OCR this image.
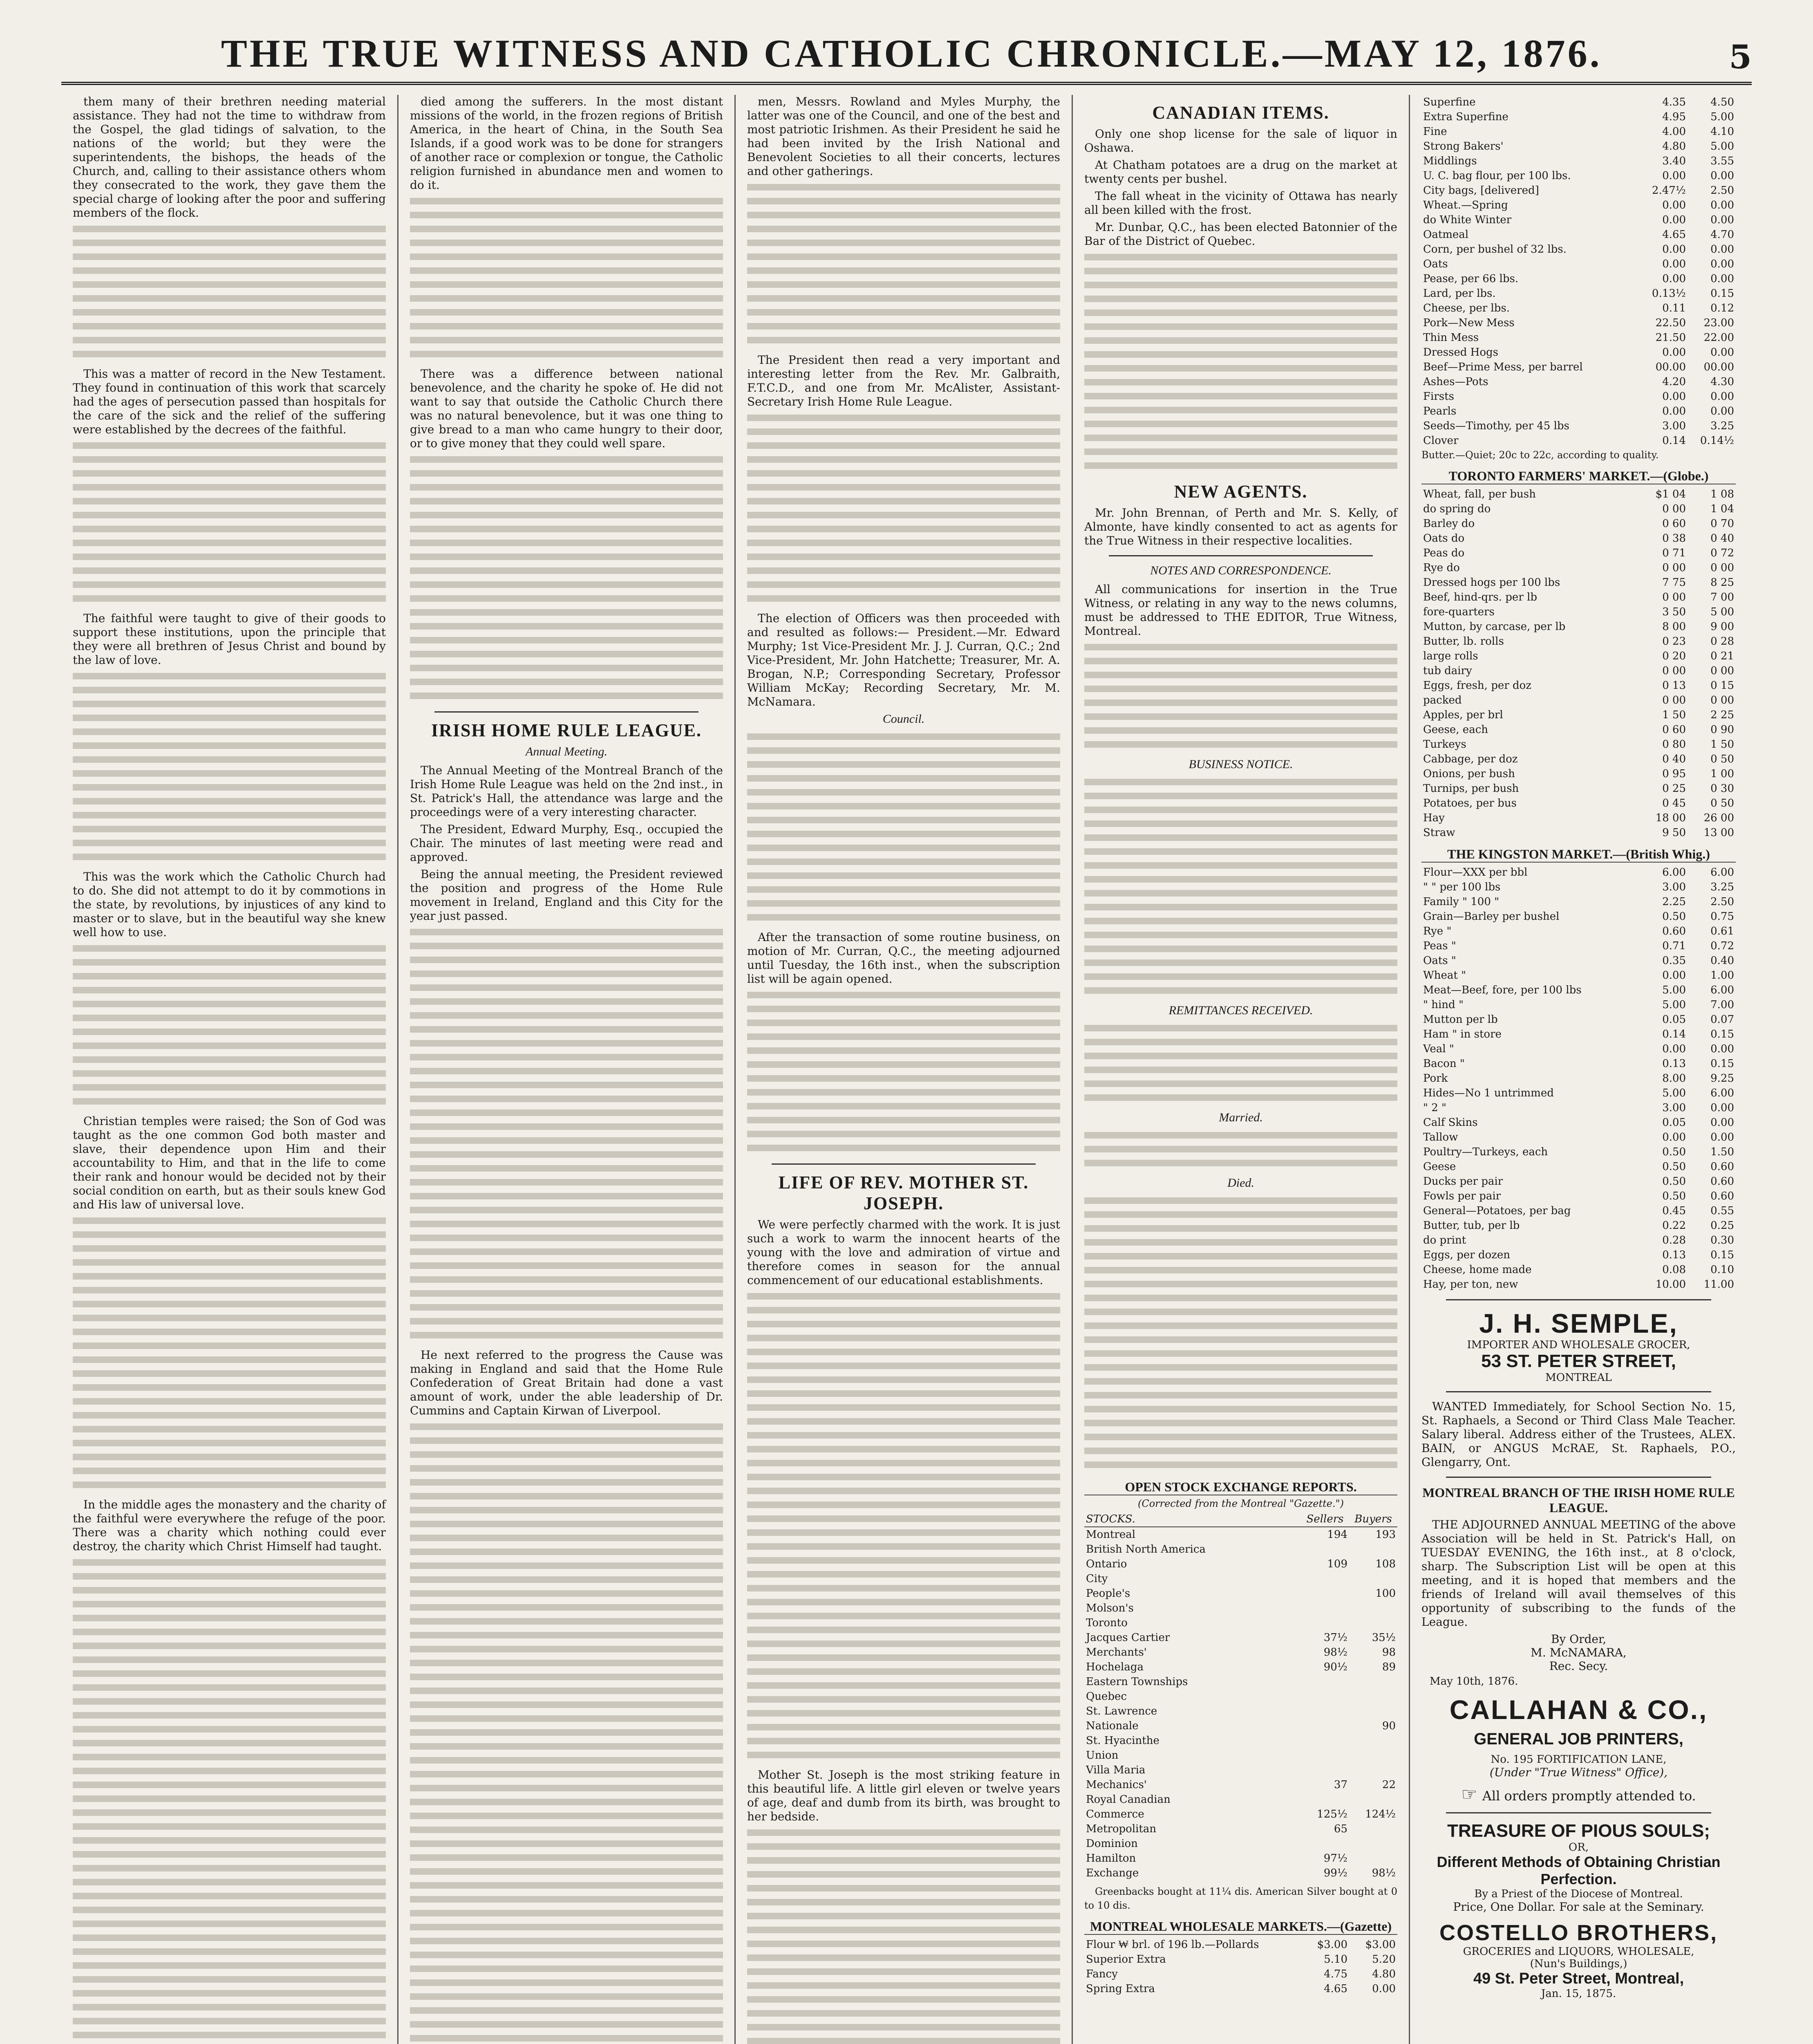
THE TRUE WITNESS AND CATHOLIC CHRONICLE.—MAY 12, 1876.	5

them many of their brethren needing material assistance. They had not the time to withdraw from the Gospel, the glad tidings of salvation, to the nations of the world; but they were the superintendents, the bishops, the heads of the Church, and, calling to their assistance others whom they consecrated to the work, they gave them the special charge of looking after the poor and suffering members of the flock.

This was a matter of record in the New Testament. They found in continuation of this work that scarcely had the ages of persecution passed than hospitals for the care of the sick and the relief of the suffering were established by the decrees of the faithful.

The faithful were taught to give of their goods to support these institutions, upon the principle that they were all brethren of Jesus Christ and bound by the law of love.

This was the work which the Catholic Church had to do. She did not attempt to do it by commotions in the state, by revolutions, by injustices of any kind to master or to slave, but in the beautiful way she knew well how to use.

Christian temples were raised; the Son of God was taught as the one common God both master and slave, their dependence upon Him and their accountability to Him, and that in the life to come their rank and honour would be decided not by their social condition on earth, but as their souls knew God and His law of universal love.

In the middle ages the monastery and the charity of the faithful were everywhere the refuge of the poor. There was a charity which nothing could ever destroy, the charity which Christ Himself had taught.

died among the sufferers. In the most distant missions of the world, in the frozen regions of British America, in the heart of China, in the South Sea Islands, if a good work was to be done for strangers of another race or complexion or tongue, the Catholic religion furnished in abundance men and women to do it.

There was a difference between national benevolence, and the charity he spoke of. He did not want to say that outside the Catholic Church there was no natural benevolence, but it was one thing to give bread to a man who came hungry to their door, or to give money that they could well spare.

IRISH HOME RULE LEAGUE.
Annual Meeting.

The Annual Meeting of the Montreal Branch of the Irish Home Rule League was held on the 2nd inst., in St. Patrick's Hall, the attendance was large and the proceedings were of a very interesting character.

The President, Edward Murphy, Esq., occupied the Chair. The minutes of last meeting were read and approved.

Being the annual meeting, the President reviewed the position and progress of the Home Rule movement in Ireland, England and this City for the year just passed.

He next referred to the progress the Cause was making in England and said that the Home Rule Confederation of Great Britain had done a vast amount of work, under the able leadership of Dr. Cummins and Captain Kirwan of Liverpool.

men, Messrs. Rowland and Myles Murphy, the latter was one of the Council, and one of the best and most patriotic Irishmen. As their President he said he had been invited by the Irish National and Benevolent Societies to all their concerts, lectures and other gatherings.

The President then read a very important and interesting letter from the Rev. Mr. Galbraith, F.T.C.D., and one from Mr. McAlister, Assistant-Secretary Irish Home Rule League.

The election of Officers was then proceeded with and resulted as follows:— President.—Mr. Edward Murphy; 1st Vice-President Mr. J. J. Curran, Q.C.; 2nd Vice-President, Mr. John Hatchette; Treasurer, Mr. A. Brogan, N.P.; Corresponding Secretary, Professor William McKay; Recording Secretary, Mr. M. McNamara.

Council.

After the transaction of some routine business, on motion of Mr. Curran, Q.C., the meeting adjourned until Tuesday, the 16th inst., when the subscription list will be again opened.

LIFE OF REV. MOTHER ST. JOSEPH.

We were perfectly charmed with the work. It is just such a work to warm the innocent hearts of the young with the love and admiration of virtue and therefore comes in season for the annual commencement of our educational establishments.

Mother St. Joseph is the most striking feature in this beautiful life. A little girl eleven or twelve years of age, deaf and dumb from its birth, was brought to her bedside.

CANADIAN ITEMS.

Only one shop license for the sale of liquor in Oshawa.

At Chatham potatoes are a drug on the market at twenty cents per bushel.

The fall wheat in the vicinity of Ottawa has nearly all been killed with the frost.

Mr. Dunbar, Q.C., has been elected Batonnier of the Bar of the District of Quebec.

NEW AGENTS.

Mr. John Brennan, of Perth and Mr. S. Kelly, of Almonte, have kindly consented to act as agents for the True Witness in their respective localities.

NOTES AND CORRESPONDENCE.

All communications for insertion in the True Witness, or relating in any way to the news columns, must be addressed to THE EDITOR, True Witness, Montreal.

BUSINESS NOTICE.
REMITTANCES RECEIVED.
Married.
Died.
OPEN STOCK EXCHANGE REPORTS.
(Corrected from the Montreal "Gazette.")
STOCKS.	Sellers	Buyers
Montreal	194	193
British North America		
Ontario	109	108
City		
People's		100
Molson's		
Toronto		
Jacques Cartier	37½	35½
Merchants'	98½	98
Hochelaga	90½	89
Eastern Townships		
Quebec		
St. Lawrence		
Nationale		90
St. Hyacinthe		
Union		
Villa Maria		
Mechanics'	37	22
Royal Canadian		
Commerce	125½	124½
Metropolitan	65	
Dominion		
Hamilton	97½	
Exchange	99½	98½

Greenbacks bought at 11¼ dis. American Silver bought at 0 to 10 dis.

MONTREAL WHOLESALE MARKETS.—(Gazette)
Flour ₩ brl. of 196 lb.—Pollards	$3.00	$3.00
Superior Extra	5.10	5.20
Fancy	4.75	4.80
Spring Extra	4.65	0.00
Superfine	4.35	4.50
Extra Superfine	4.95	5.00
Fine	4.00	4.10
Strong Bakers'	4.80	5.00
Middlings	3.40	3.55
U. C. bag flour, per 100 lbs.	0.00	0.00
City bags, [delivered]	2.47½	2.50
Wheat.—Spring	0.00	0.00
do White Winter	0.00	0.00
Oatmeal	4.65	4.70
Corn, per bushel of 32 lbs.	0.00	0.00
Oats	0.00	0.00
Pease, per 66 lbs.	0.00	0.00
Lard, per lbs.	0.13½	0.15
Cheese, per lbs.	0.11	0.12
Pork—New Mess	22.50	23.00
Thin Mess	21.50	22.00
Dressed Hogs	0.00	0.00
Beef—Prime Mess, per barrel	00.00	00.00
Ashes—Pots	4.20	4.30
Firsts	0.00	0.00
Pearls	0.00	0.00
Seeds—Timothy, per 45 lbs	3.00	3.25
Clover	0.14	0.14½

Butter.—Quiet; 20c to 22c, according to quality.

TORONTO FARMERS' MARKET.—(Globe.)
Wheat, fall, per bush	$1 04	1 08
do spring do	0 00	1 04
Barley do	0 60	0 70
Oats do	0 38	0 40
Peas do	0 71	0 72
Rye do	0 00	0 00
Dressed hogs per 100 lbs	7 75	8 25
Beef, hind-qrs. per lb	0 00	7 00
fore-quarters	3 50	5 00
Mutton, by carcase, per lb	8 00	9 00
Butter, lb. rolls	0 23	0 28
large rolls	0 20	0 21
tub dairy	0 00	0 00
Eggs, fresh, per doz	0 13	0 15
packed	0 00	0 00
Apples, per brl	1 50	2 25
Geese, each	0 60	0 90
Turkeys	0 80	1 50
Cabbage, per doz	0 40	0 50
Onions, per bush	0 95	1 00
Turnips, per bush	0 25	0 30
Potatoes, per bus	0 45	0 50
Hay	18 00	26 00
Straw	9 50	13 00
THE KINGSTON MARKET.—(British Whig.)
Flour—XXX per bbl	6.00	6.00
" " per 100 lbs	3.00	3.25
Family " 100 "	2.25	2.50
Grain—Barley per bushel	0.50	0.75
Rye "	0.60	0.61
Peas "	0.71	0.72
Oats "	0.35	0.40
Wheat "	0.00	1.00
Meat—Beef, fore, per 100 lbs	5.00	6.00
" hind "	5.00	7.00
Mutton per lb	0.05	0.07
Ham " in store	0.14	0.15
Veal "	0.00	0.00
Bacon "	0.13	0.15
Pork	8.00	9.25
Hides—No 1 untrimmed	5.00	6.00
" 2 "	3.00	0.00
Calf Skins	0.05	0.00
Tallow	0.00	0.00
Poultry—Turkeys, each	0.50	1.50
Geese	0.50	0.60
Ducks per pair	0.50	0.60
Fowls per pair	0.50	0.60
General—Potatoes, per bag	0.45	0.55
Butter, tub, per lb	0.22	0.25
do print	0.28	0.30
Eggs, per dozen	0.13	0.15
Cheese, home made	0.08	0.10
Hay, per ton, new	10.00	11.00
J. H. SEMPLE,
IMPORTER AND WHOLESALE GROCER,
53 ST. PETER STREET,
MONTREAL

WANTED Immediately, for School Section No. 15, St. Raphaels, a Second or Third Class Male Teacher. Salary liberal. Address either of the Trustees, ALEX. BAIN, or ANGUS McRAE, St. Raphaels, P.O., Glengarry, Ont.

MONTREAL BRANCH OF THE IRISH HOME RULE LEAGUE.

THE ADJOURNED ANNUAL MEETING of the above Association will be held in St. Patrick's Hall, on TUESDAY EVENING, the 16th inst., at 8 o'clock, sharp. The Subscription List will be open at this meeting, and it is hoped that members and the friends of Ireland will avail themselves of this opportunity of subscribing to the funds of the League.

By Order,
M. McNAMARA,
Rec. Secy.
May 10th, 1876.
CALLAHAN & CO.,
GENERAL JOB PRINTERS,
No. 195 FORTIFICATION LANE,
(Under "True Witness" Office),
☞ All orders promptly attended to.
TREASURE OF PIOUS SOULS;
OR,
Different Methods of Obtaining Christian Perfection.
By a Priest of the Diocese of Montreal.
Price, One Dollar. For sale at the Seminary.
COSTELLO BROTHERS,
GROCERIES and LIQUORS, WHOLESALE,
(Nun's Buildings,)
49 St. Peter Street, Montreal,
Jan. 15, 1875.
